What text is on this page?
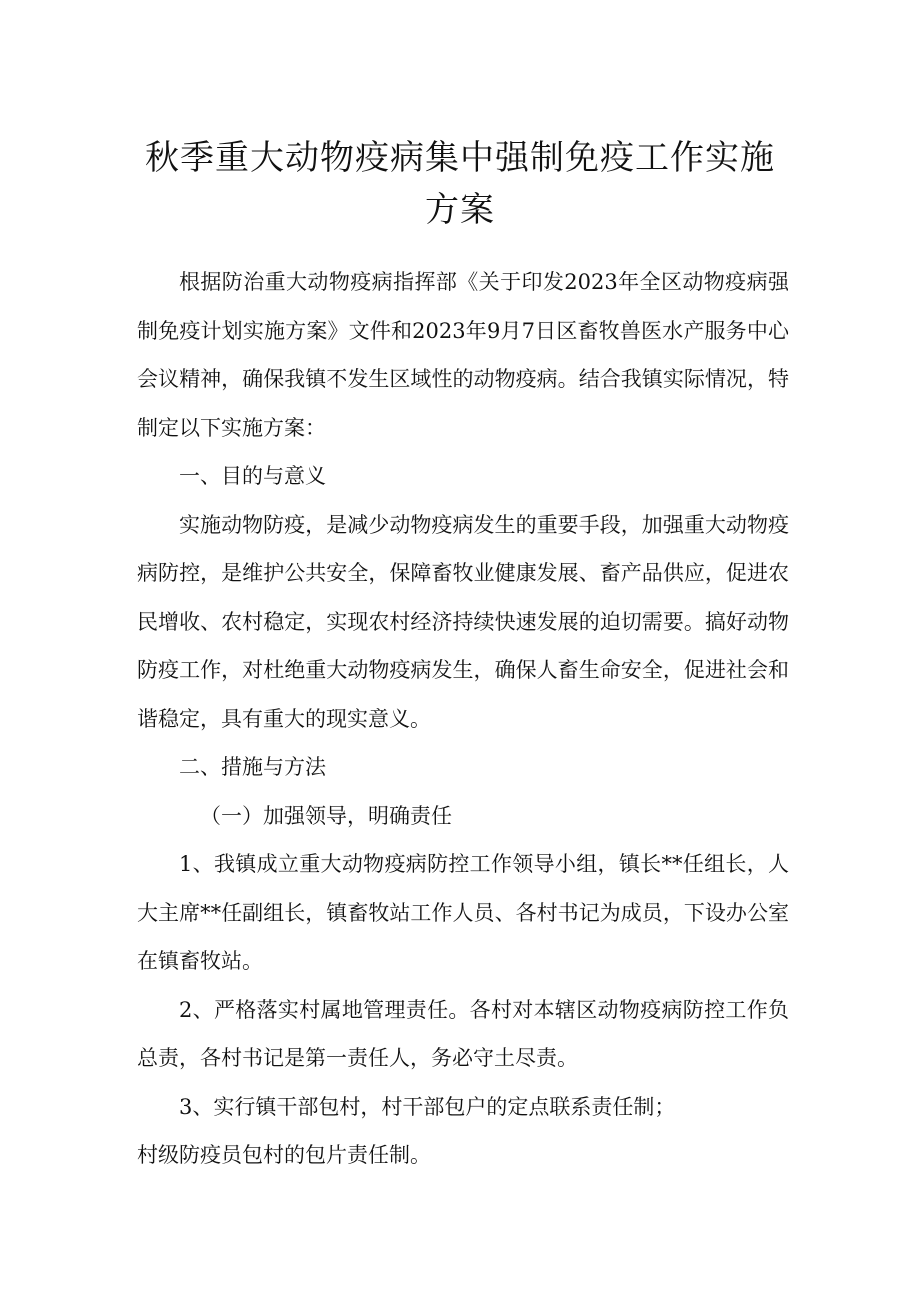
秋季重大动物疫病集中强制免疫工作实施
方案

根据防治重大动物疫病指挥部《关于印发2023年全区动物疫病强制免疫计划实施方案》文件和2023年9月7日区畜牧兽医水产服务中心会议精神，确保我镇不发生区域性的动物疫病。结合我镇实际情况，特制定以下实施方案：

一、目的与意义

实施动物防疫，是减少动物疫病发生的重要手段，加强重大动物疫病防控，是维护公共安全，保障畜牧业健康发展、畜产品供应，促进农民增收、农村稳定，实现农村经济持续快速发展的迫切需要。搞好动物防疫工作，对杜绝重大动物疫病发生，确保人畜生命安全，促进社会和谐稳定，具有重大的现实意义。

二、措施与方法

（一）加强领导，明确责任

1、我镇成立重大动物疫病防控工作领导小组，镇长**任组长，人大主席**任副组长，镇畜牧站工作人员、各村书记为成员，下设办公室在镇畜牧站。

2、严格落实村属地管理责任。各村对本辖区动物疫病防控工作负总责，各村书记是第一责任人，务必守土尽责。

3、实行镇干部包村，村干部包户的定点联系责任制；

村级防疫员包村的包片责任制。
